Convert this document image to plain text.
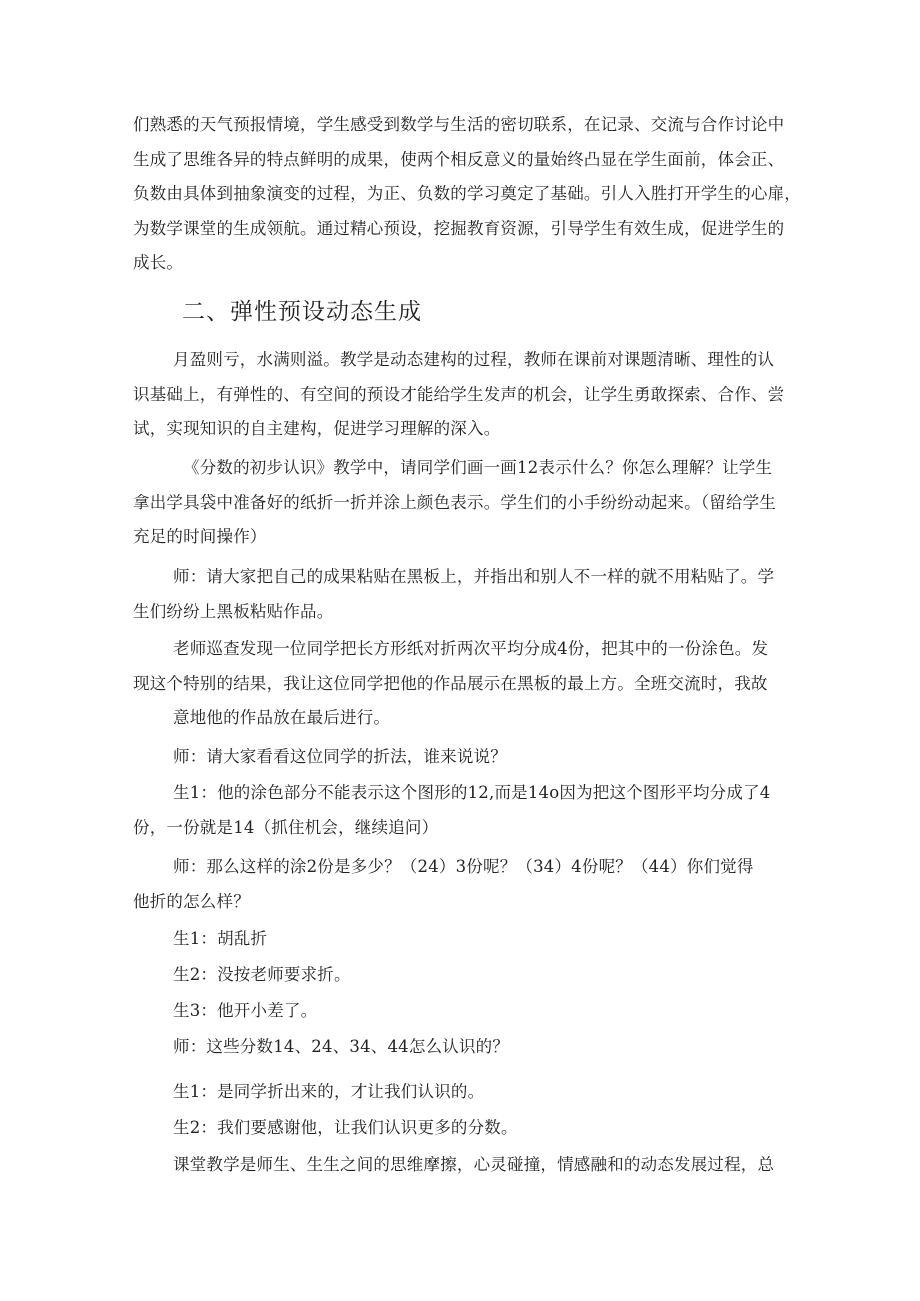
们熟悉的天气预报情境，学生感受到数学与生活的密切联系，在记录、交流与合作讨论中
生成了思维各异的特点鲜明的成果，使两个相反意义的量始终凸显在学生面前，体会正、
负数由具体到抽象演变的过程，为正、负数的学习奠定了基础。引人入胜打开学生的心扉，
为数学课堂的生成领航。通过精心预设，挖掘教育资源，引导学生有效生成，促进学生的
成长。
二、弹性预设动态生成
月盈则亏，水满则溢。教学是动态建构的过程，教师在课前对课题清晰、理性的认
识基础上，有弹性的、有空间的预设才能给学生发声的机会，让学生勇敢探索、合作、尝
试，实现知识的自主建构，促进学习理解的深入。
《分数的初步认识》教学中，请同学们画一画12表示什么？你怎么理解？让学生
拿出学具袋中准备好的纸折一折并涂上颜色表示。学生们的小手纷纷动起来。（留给学生
充足的时间操作）
师：请大家把自己的成果粘贴在黑板上，并指出和别人不一样的就不用粘贴了。学
生们纷纷上黑板粘贴作品。
老师巡查发现一位同学把长方形纸对折两次平均分成4份，把其中的一份涂色。发
现这个特别的结果，我让这位同学把他的作品展示在黑板的最上方。全班交流时，我故
意地他的作品放在最后进行。
师：请大家看看这位同学的折法，谁来说说？
生1：他的涂色部分不能表示这个图形的12,而是14o因为把这个图形平均分成了4
份，一份就是14（抓住机会，继续追问）
师：那么这样的涂2份是多少？（24）3份呢？（34）4份呢？（44）你们觉得
他折的怎么样？
生1：胡乱折
生2：没按老师要求折。
生3：他开小差了。
师：这些分数14、24、34、44怎么认识的？
生1：是同学折出来的，才让我们认识的。
生2：我们要感谢他，让我们认识更多的分数。
课堂教学是师生、生生之间的思维摩擦，心灵碰撞，情感融和的动态发展过程，总
